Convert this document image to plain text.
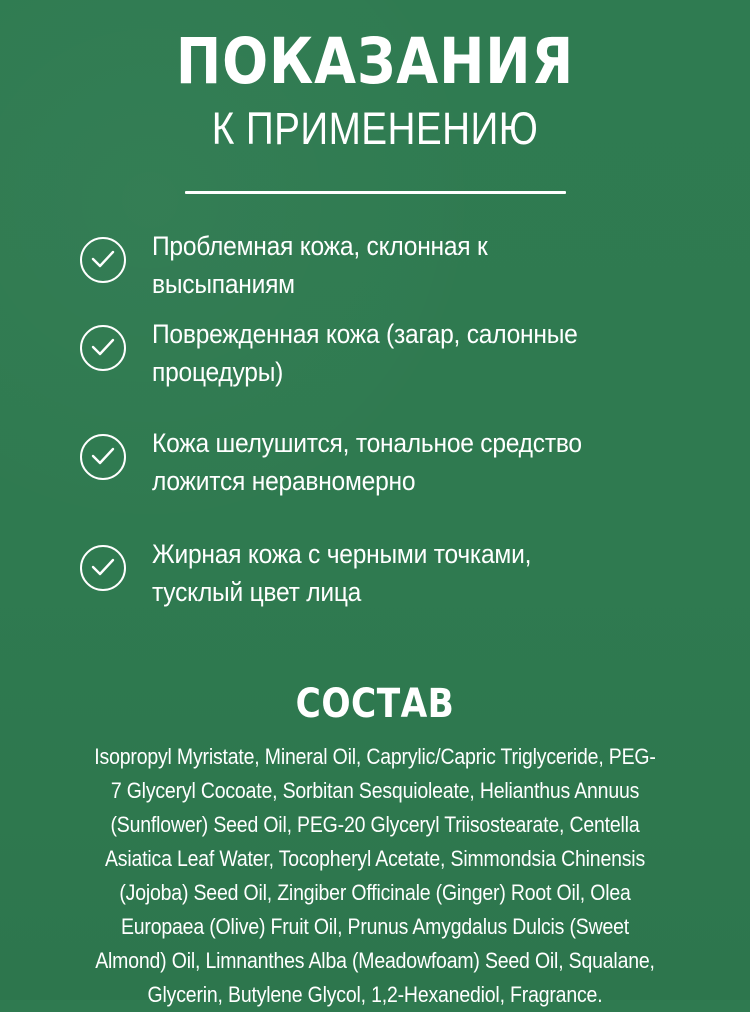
ПОКАЗАНИЯ
К ПРИМЕНЕНИЮ
Проблемная кожа, склонная к высыпаниям
Поврежденная кожа (загар, салонные процедуры)
Кожа шелушится, тональное средство ложится неравномерно
Жирная кожа с черными точками, тусклый цвет лица
СОСТАВ

Isopropyl Myristate, Mineral Oil, Caprylic/Capric Triglyceride, PEG-7 Glyceryl Cocoate, Sorbitan Sesquioleate, Helianthus Annuus (Sunflower) Seed Oil, PEG-20 Glyceryl Triisostearate, Centella Asiatica Leaf Water, Tocopheryl Acetate, Simmondsia Chinensis (Jojoba) Seed Oil, Zingiber Officinale (Ginger) Root Oil, Olea Europaea (Olive) Fruit Oil, Prunus Amygdalus Dulcis (Sweet Almond) Oil, Limnanthes Alba (Meadowfoam) Seed Oil, Squalane, Glycerin, Butylene Glycol, 1,2-Hexanediol, Fragrance.
